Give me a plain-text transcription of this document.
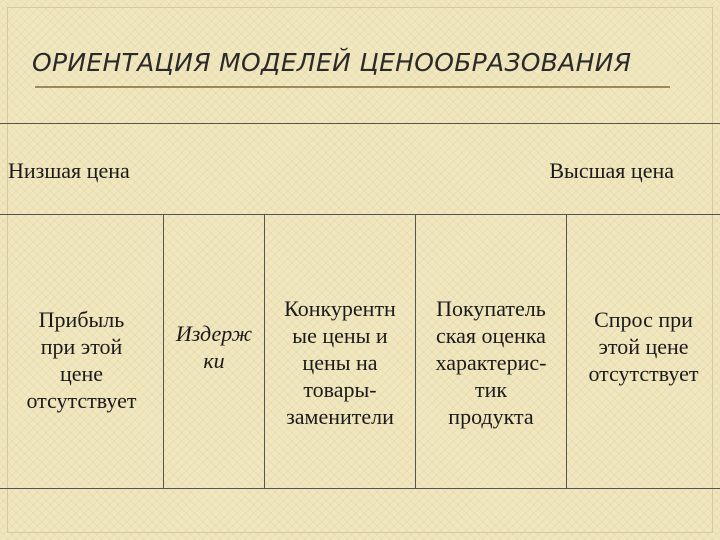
ОРИЕНТАЦИЯ МОДЕЛЕЙ ЦЕНООБРАЗОВАНИЯ
Низшая цена	Высшая цена
Прибыль
при этой
цене
отсутствует
Издерж
ки
Конкурентн
ые цены и
цены на
товары-
заменители
Покупатель
ская оценка
характерис-
тик
продукта
Спрос при
этой цене
отсутствует
